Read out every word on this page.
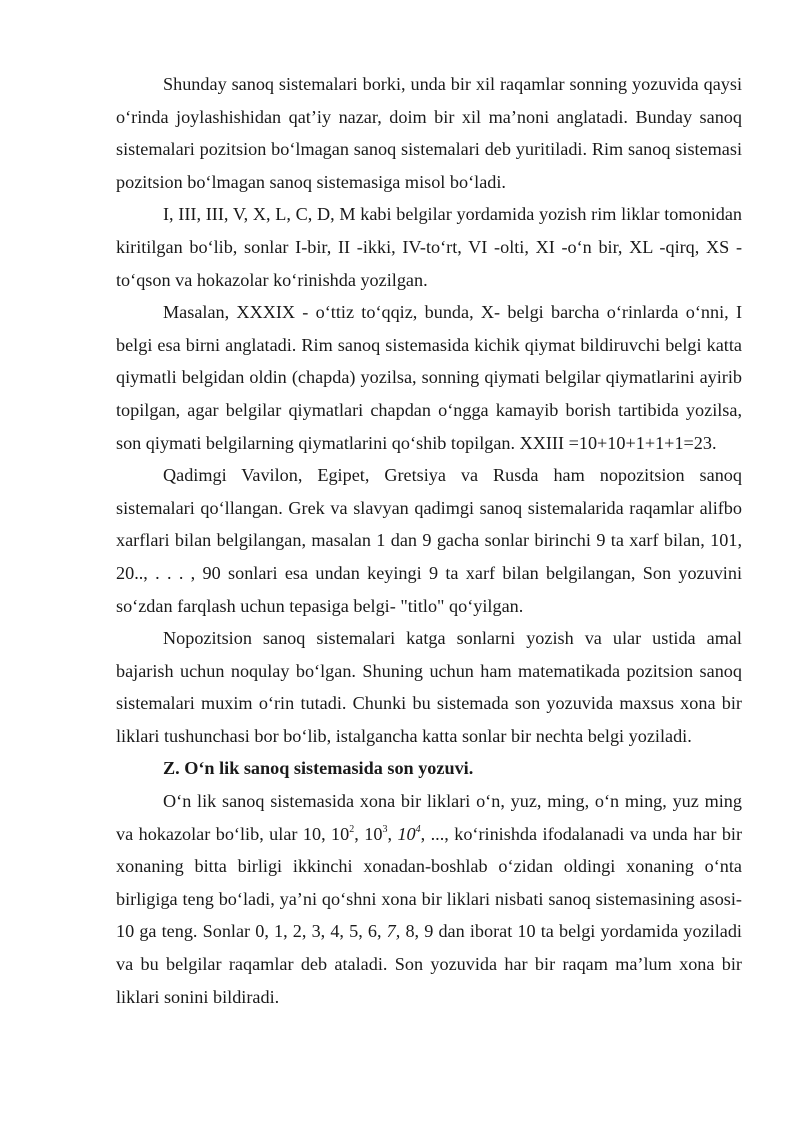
Shunday sanoq sistemalari borki, unda bir xil raqamlar sonning yozuvida qaysi o‘rinda joylashishidan qat’iy nazar, doim bir xil ma’noni anglatadi. Bunday sanoq sistemalari pozitsion bo‘lmagan sanoq sistemalari deb yuritiladi. Rim sanoq sistemasi pozitsion bo‘lmagan sanoq sistemasiga misol bo‘ladi.

I, III, III, V, X, L, C, D, M kabi belgilar yordamida yozish rim liklar tomonidan kiritilgan bo‘lib, sonlar I-bir, II -ikki, IV-to‘rt, VI -olti, XI -o‘n bir, XL -qirq, XS -to‘qson va hokazolar ko‘rinishda yozilgan.

Masalan, XXXIX - o‘ttiz to‘qqiz, bunda, X- belgi barcha o‘rinlarda o‘nni, I belgi esa birni anglatadi. Rim sanoq sistemasida kichik qiymat bildiruvchi belgi katta qiymatli belgidan oldin (chapda) yozilsa, sonning qiymati belgilar qiymatlarini ayirib topilgan, agar belgilar qiymatlari chapdan o‘ngga kamayib borish tartibida yozilsa, son qiymati belgilarning qiymatlarini qo‘shib topilgan. XXIII =10+10+1+1+1=23.

Qadimgi Vavilon, Egipet, Gretsiya va Rusda ham nopozitsion sanoq sistemalari qo‘llangan. Grek va slavyan qadimgi sanoq sistemalarida raqamlar alifbo xarflari bilan belgilangan, masalan 1 dan 9 gacha sonlar birinchi 9 ta xarf bilan, 101, 20.., . . . , 90 sonlari esa undan keyingi 9 ta xarf bilan belgilangan, Son yozuvini so‘zdan farqlash uchun tepasiga belgi- "titlo" qo‘yilgan.

Nopozitsion sanoq sistemalari katga sonlarni yozish va ular ustida amal bajarish uchun noqulay bo‘lgan. Shuning uchun ham matematikada pozitsion sanoq sistemalari muxim o‘rin tutadi. Chunki bu sistemada son yozuvida maxsus xona bir liklari tushunchasi bor bo‘lib, istalgancha katta sonlar bir nechta belgi yoziladi.

Z. O‘n lik sanoq sistemasida son yozuvi.

O‘n lik sanoq sistemasida xona bir liklari o‘n, yuz, ming, o‘n ming, yuz ming va hokazolar bo‘lib, ular 10, $10^2$, $10^3$, $10^4$, ..., ko‘rinishda ifodalanadi va unda har bir xonaning bitta birligi ikkinchi xonadan-boshlab o‘zidan oldingi xonaning o‘nta birligiga teng bo‘ladi, ya’ni qo‘shni xona bir liklari nisbati sanoq sistemasining asosi- 10 ga teng. Sonlar 0, 1, 2, 3, 4, 5, 6, 7, 8, 9 dan iborat 10 ta belgi yordamida yoziladi va bu belgilar raqamlar deb ataladi. Son yozuvida har bir raqam ma’lum xona bir liklari sonini bildiradi.
